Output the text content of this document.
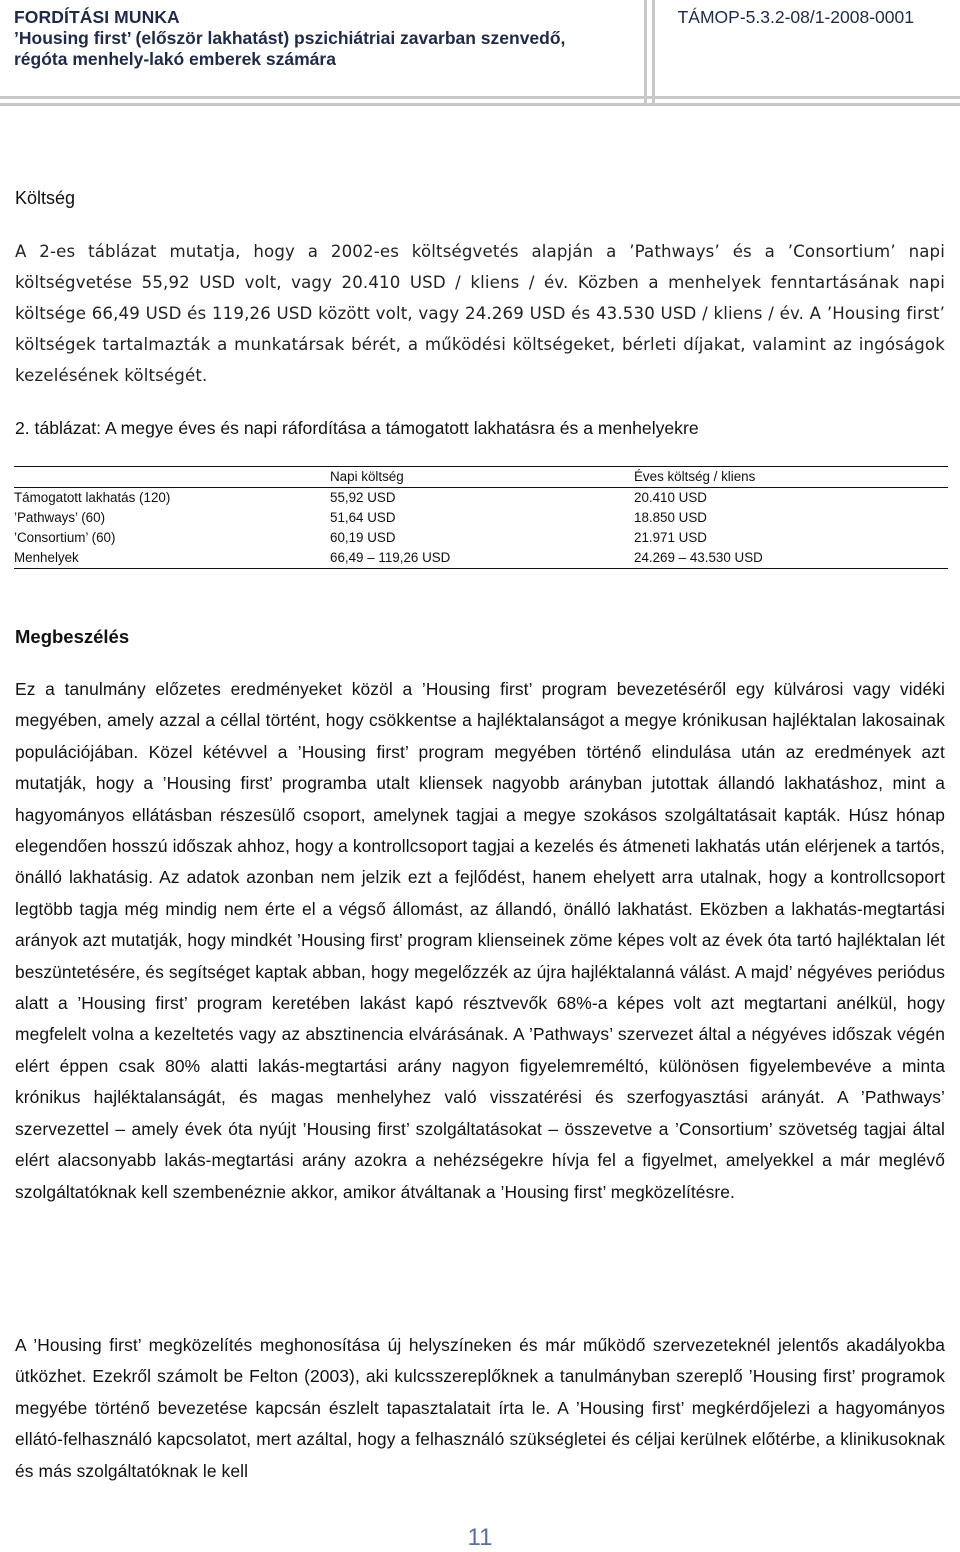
FORDÍTÁSI MUNKA
’Housing first’ (először lakhatást) pszichiátriai zavarban szenvedő,
régóta menhely-lakó emberek számára
TÁMOP-5.3.2-08/1-2008-0001
Költség
A 2-es táblázat mutatja, hogy a 2002-es költségvetés alapján a ’Pathways’ és a ’Consortium’ napi költségvetése 55,92 USD volt, vagy 20.410 USD / kliens / év. Közben a menhelyek fenntartásának napi költsége 66,49 USD és 119,26 USD között volt, vagy 24.269 USD és 43.530 USD / kliens / év. A ’Housing first’ költségek tartalmazták a munkatársak bérét, a működési költségeket, bérleti díjakat, valamint az ingóságok kezelésének költségét.
2. táblázat: A megye éves és napi ráfordítása a támogatott lakhatásra és a menhelyekre
	Napi költség	Éves költség / kliens
Támogatott lakhatás (120)	55,92 USD	20.410 USD
’Pathways’ (60)	51,64 USD	18.850 USD
’Consortium’ (60)	60,19 USD	21.971 USD
Menhelyek	66,49 – 119,26 USD	24.269 – 43.530 USD
Megbeszélés
Ez a tanulmány előzetes eredményeket közöl a ’Housing first’ program bevezetéséről egy külvárosi vagy vidéki megyében, amely azzal a céllal történt, hogy csökkentse a hajléktalanságot a megye krónikusan hajléktalan lakosainak populációjában. Közel kétévvel a ’Housing first’ program megyében történő elindulása után az eredmények azt mutatják, hogy a ’Housing first’ programba utalt kliensek nagyobb arányban jutottak állandó lakhatáshoz, mint a hagyományos ellátásban részesülő csoport, amelynek tagjai a megye szokásos szolgáltatásait kapták. Húsz hónap elegendően hosszú időszak ahhoz, hogy a kontrollcsoport tagjai a kezelés és átmeneti lakhatás után elérjenek a tartós, önálló lakhatásig. Az adatok azonban nem jelzik ezt a fejlődést, hanem ehelyett arra utalnak, hogy a kontrollcsoport legtöbb tagja még mindig nem érte el a végső állomást, az állandó, önálló lakhatást. Eközben a lakhatás-megtartási arányok azt mutatják, hogy mindkét ’Housing first’ program klienseinek zöme képes volt az évek óta tartó hajléktalan lét beszüntetésére, és segítséget kaptak abban, hogy megelőzzék az újra hajléktalanná válást. A majd’ négyéves periódus alatt a ’Housing first’ program keretében lakást kapó résztvevők 68%-a képes volt azt megtartani anélkül, hogy megfelelt volna a kezeltetés vagy az absztinencia elvárásának. A ’Pathways’ szervezet által a négyéves időszak végén elért éppen csak 80% alatti lakás-megtartási arány nagyon figyelemreméltó, különösen figyelembevéve a minta krónikus hajléktalanságát, és magas menhelyhez való visszatérési és szerfogyasztási arányát. A ’Pathways’ szervezettel – amely évek óta nyújt ’Housing first’ szolgáltatásokat – összevetve a ’Consortium’ szövetség tagjai által elért alacsonyabb lakás-megtartási arány azokra a nehézségekre hívja fel a figyelmet, amelyekkel a már meglévő szolgáltatóknak kell szembenéznie akkor, amikor átváltanak a ’Housing first’ megközelítésre.
A ’Housing first’ megközelítés meghonosítása új helyszíneken és már működő szervezeteknél jelentős akadályokba ütközhet. Ezekről számolt be Felton (2003), aki kulcsszereplőknek a tanulmányban szereplő ’Housing first’ programok megyébe történő bevezetése kapcsán észlelt tapasztalatait írta le. A ’Housing first’ megkérdőjelezi a hagyományos ellátó-felhasználó kapcsolatot, mert azáltal, hogy a felhasználó szükségletei és céljai kerülnek előtérbe, a klinikusoknak és más szolgáltatóknak le kell
11
